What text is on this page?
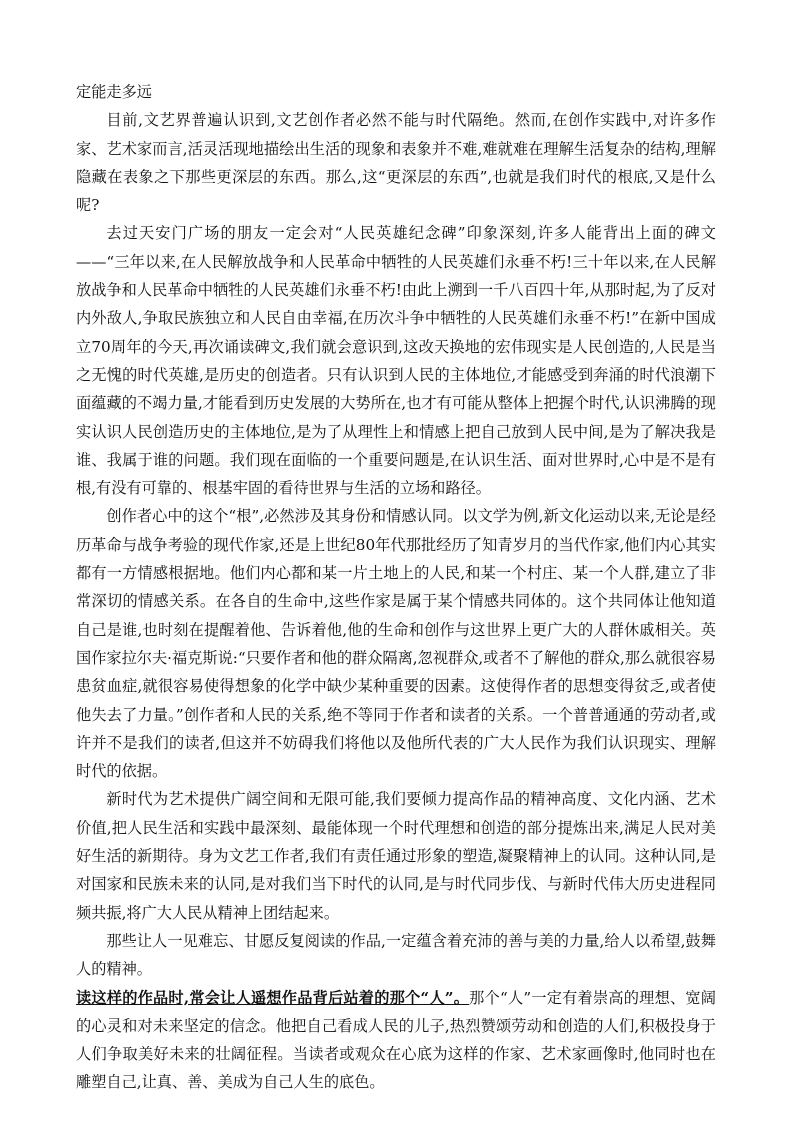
定能走多远

目前,文艺界普遍认识到,文艺创作者必然不能与时代隔绝。然而,在创作实践中,对许多作家、艺术家而言,活灵活现地描绘出生活的现象和表象并不难,难就难在理解生活复杂的结构,理解隐藏在表象之下那些更深层的东西。那么,这“更深层的东西”,也就是我们时代的根底,又是什么呢?

去过天安门广场的朋友一定会对“人民英雄纪念碑”印象深刻,许多人能背出上面的碑文——“三年以来,在人民解放战争和人民革命中牺牲的人民英雄们永垂不朽!三十年以来,在人民解放战争和人民革命中牺牲的人民英雄们永垂不朽!由此上溯到一千八百四十年,从那时起,为了反对内外敌人,争取民族独立和人民自由幸福,在历次斗争中牺牲的人民英雄们永垂不朽!”在新中国成立70周年的今天,再次诵读碑文,我们就会意识到,这改天换地的宏伟现实是人民创造的,人民是当之无愧的时代英雄,是历史的创造者。只有认识到人民的主体地位,才能感受到奔涌的时代浪潮下面蕴藏的不竭力量,才能看到历史发展的大势所在,也才有可能从整体上把握个时代,认识沸腾的现实认识人民创造历史的主体地位,是为了从理性上和情感上把自己放到人民中间,是为了解决我是谁、我属于谁的问题。我们现在面临的一个重要问题是,在认识生活、面对世界时,心中是不是有根,有没有可靠的、根基牢固的看待世界与生活的立场和路径。

创作者心中的这个“根”,必然涉及其身份和情感认同。以文学为例,新文化运动以来,无论是经历革命与战争考验的现代作家,还是上世纪80年代那批经历了知青岁月的当代作家,他们内心其实都有一方情感根据地。他们内心都和某一片土地上的人民,和某一个村庄、某一个人群,建立了非常深切的情感关系。在各自的生命中,这些作家是属于某个情感共同体的。这个共同体让他知道自己是谁,也时刻在提醒着他、告诉着他,他的生命和创作与这世界上更广大的人群休戚相关。英国作家拉尔夫·福克斯说:“只要作者和他的群众隔离,忽视群众,或者不了解他的群众,那么就很容易患贫血症,就很容易使得想象的化学中缺少某种重要的因素。这使得作者的思想变得贫乏,或者使他失去了力量。”创作者和人民的关系,绝不等同于作者和读者的关系。一个普普通通的劳动者,或许并不是我们的读者,但这并不妨碍我们将他以及他所代表的广大人民作为我们认识现实、理解时代的依据。

新时代为艺术提供广阔空间和无限可能,我们要倾力提高作品的精神高度、文化内涵、艺术价值,把人民生活和实践中最深刻、最能体现一个时代理想和创造的部分提炼出来,满足人民对美好生活的新期待。身为文艺工作者,我们有责任通过形象的塑造,凝聚精神上的认同。这种认同,是对国家和民族未来的认同,是对我们当下时代的认同,是与时代同步伐、与新时代伟大历史进程同频共振,将广大人民从精神上团结起来。

那些让人一见难忘、甘愿反复阅读的作品,一定蕴含着充沛的善与美的力量,给人以希望,鼓舞人的精神。

读这样的作品时,常会让人遥想作品背后站着的那个“人”。那个“人”一定有着崇高的理想、宽阔的心灵和对未来坚定的信念。他把自己看成人民的儿子,热烈赞颂劳动和创造的人们,积极投身于人们争取美好未来的壮阔征程。当读者或观众在心底为这样的作家、艺术家画像时,他同时也在雕塑自己,让真、善、美成为自己人生的底色。
